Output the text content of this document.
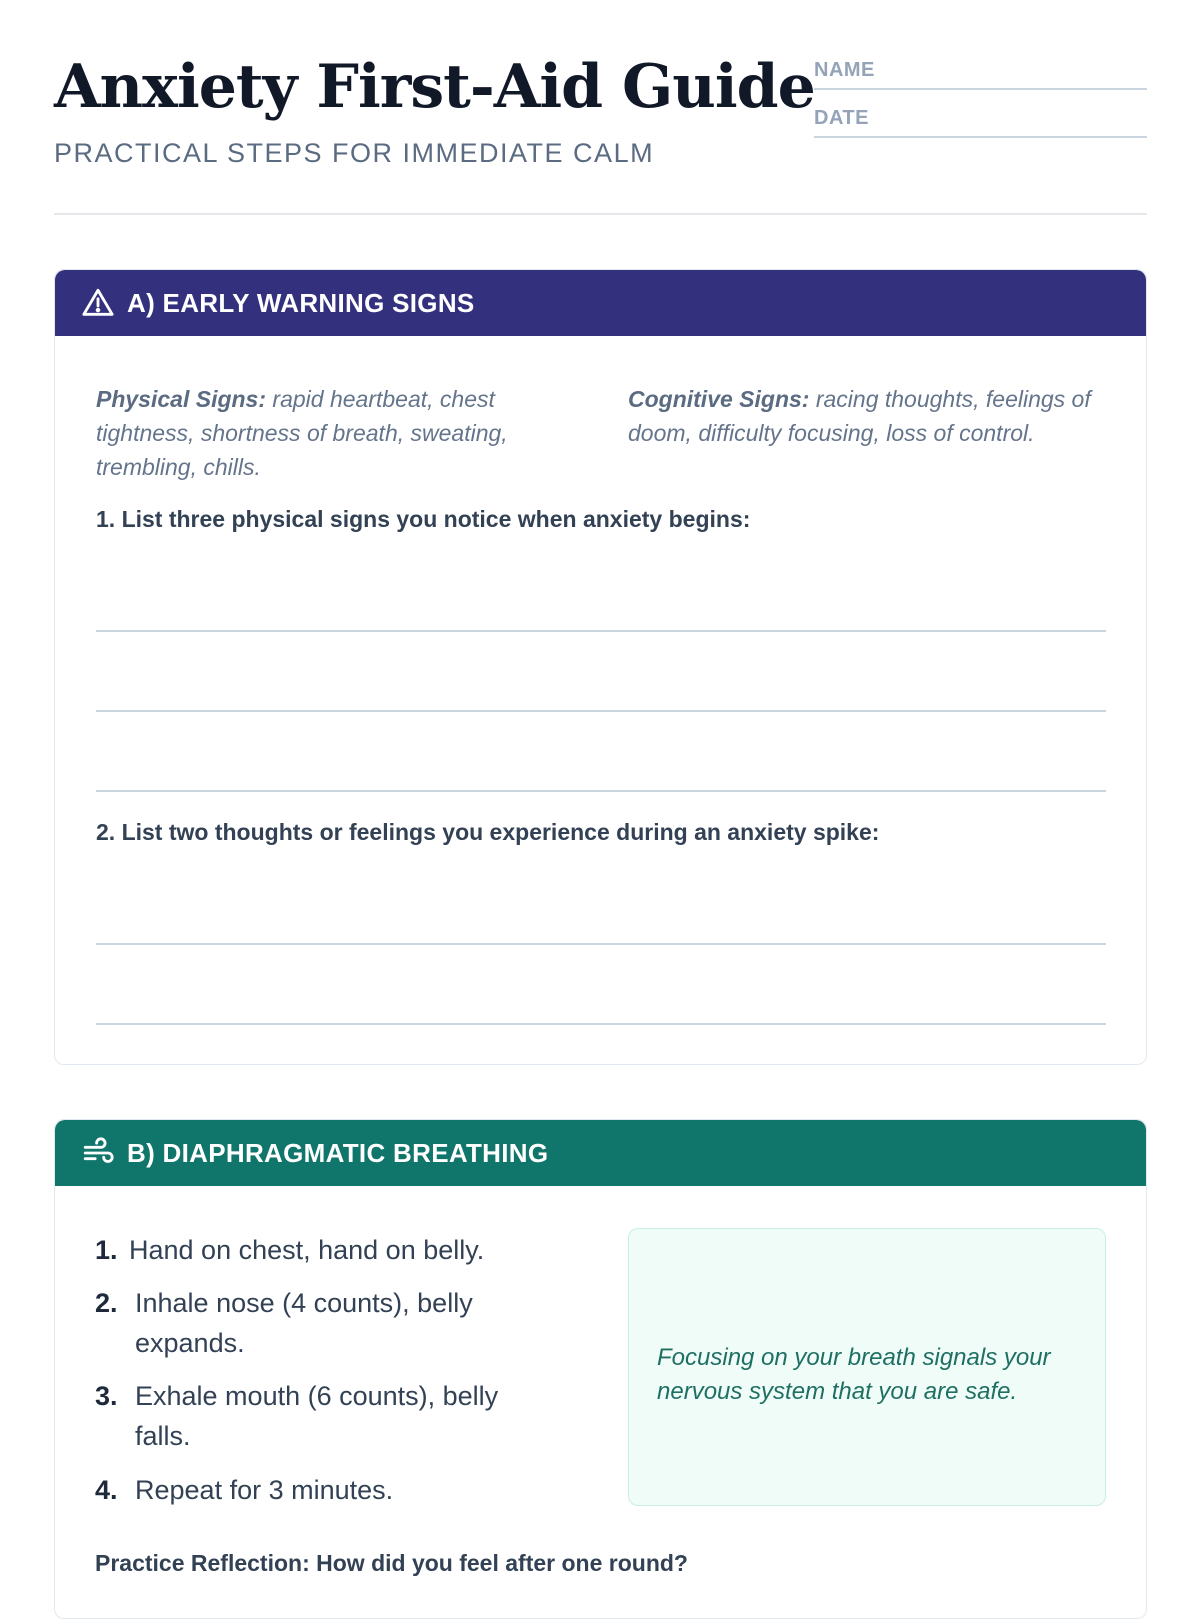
Anxiety First-Aid Guide
PRACTICAL STEPS FOR IMMEDIATE CALM
NAME
DATE
A) EARLY WARNING SIGNS
Physical Signs: rapid heartbeat, chest tightness, shortness of breath, sweating, trembling, chills.
Cognitive Signs: racing thoughts, feelings of doom, difficulty focusing, loss of control.
1. List three physical signs you notice when anxiety begins:
2. List two thoughts or feelings you experience during an anxiety spike:
B) DIAPHRAGMATIC BREATHING
1. Hand on chest, hand on belly.
2. Inhale nose (4 counts), belly expands.
3. Exhale mouth (6 counts), belly falls.
4. Repeat for 3 minutes.

Focusing on your breath signals your nervous system that you are safe.

Practice Reflection: How did you feel after one round?
